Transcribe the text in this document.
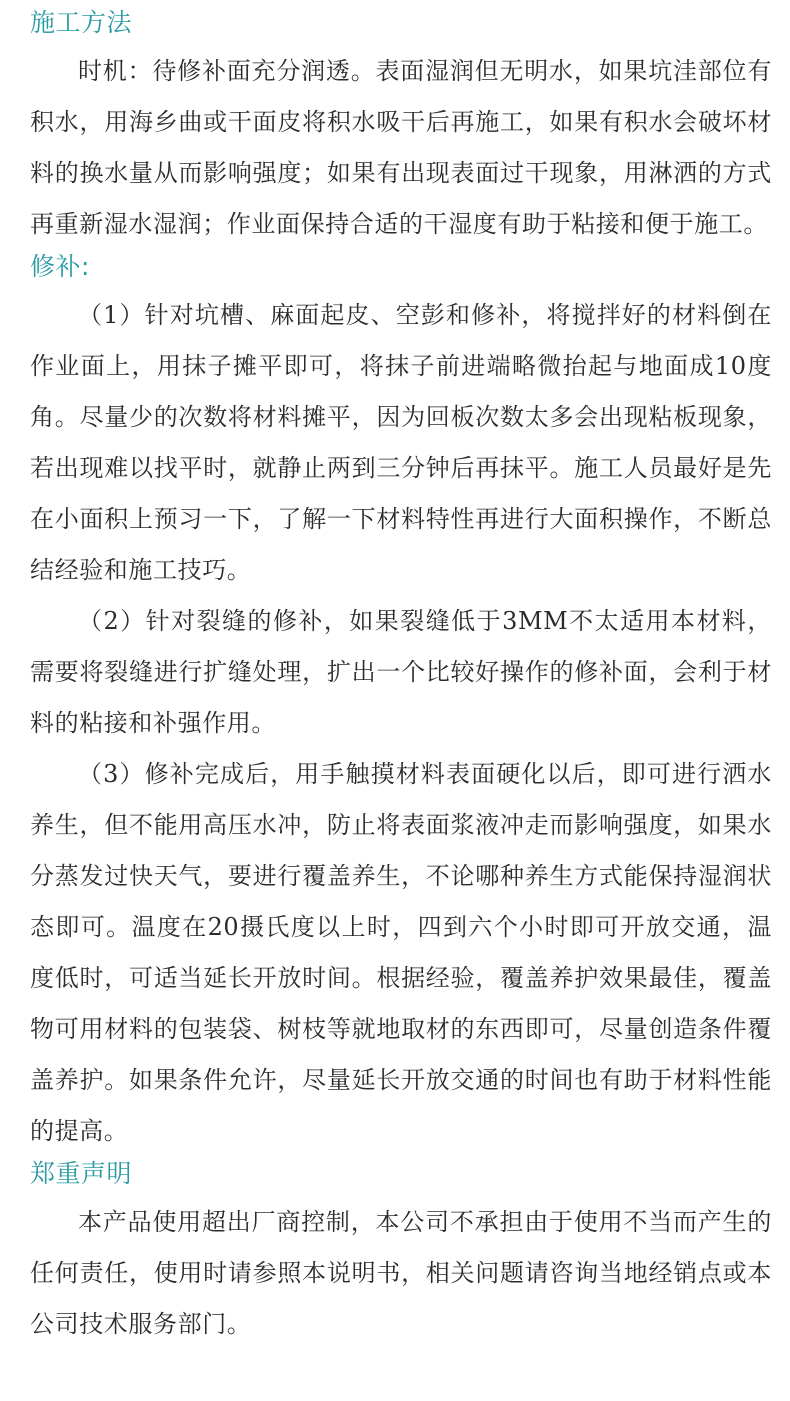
施工方法

时机：待修补面充分润透。表面湿润但无明水，如果坑洼部位有积水，用海乡曲或干面皮将积水吸干后再施工，如果有积水会破坏材料的换水量从而影响强度；如果有出现表面过干现象，用淋洒的方式再重新湿水湿润；作业面保持合适的干湿度有助于粘接和便于施工。

修补:

（1）针对坑槽、麻面起皮、空彭和修补，将搅拌好的材料倒在作业面上，用抹子摊平即可，将抹子前进端略微抬起与地面成10度角。尽量少的次数将材料摊平，因为回板次数太多会出现粘板现象，若出现难以找平时，就静止两到三分钟后再抹平。施工人员最好是先在小面积上预习一下，了解一下材料特性再进行大面积操作，不断总结经验和施工技巧。

（2）针对裂缝的修补，如果裂缝低于3MM不太适用本材料，需要将裂缝进行扩缝处理，扩出一个比较好操作的修补面，会利于材料的粘接和补强作用。

（3）修补完成后，用手触摸材料表面硬化以后，即可进行洒水养生，但不能用高压水冲，防止将表面浆液冲走而影响强度，如果水分蒸发过快天气，要进行覆盖养生，不论哪种养生方式能保持湿润状态即可。温度在20摄氏度以上时，四到六个小时即可开放交通，温度低时，可适当延长开放时间。根据经验，覆盖养护效果最佳，覆盖物可用材料的包装袋、树枝等就地取材的东西即可，尽量创造条件覆盖养护。如果条件允许，尽量延长开放交通的时间也有助于材料性能的提高。

郑重声明

本产品使用超出厂商控制，本公司不承担由于使用不当而产生的任何责任，使用时请参照本说明书，相关问题请咨询当地经销点或本公司技术服务部门。
